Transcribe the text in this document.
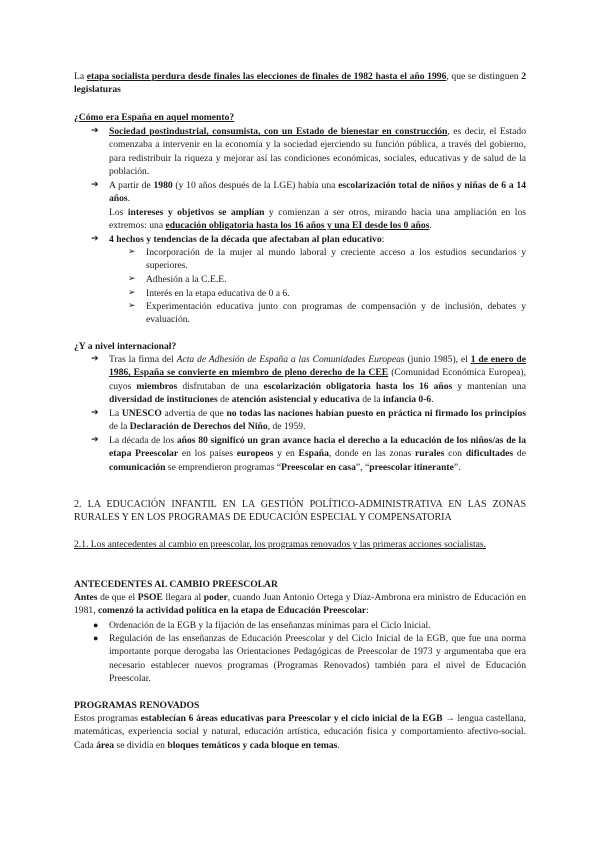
La etapa socialista perdura desde finales las elecciones de finales de 1982 hasta el año 1996, que se distinguen 2 legislaturas

¿Cómo era España en aquel momento?

➔ Sociedad postindustrial, consumista, con un Estado de bienestar en construcción, es decir, el Estado comenzaba a intervenir en la economía y la sociedad ejerciendo su función pública, a través del gobierno, para redistribuir la riqueza y mejorar así las condiciones económicas, sociales, educativas y de salud de la población.

➔ A partir de 1980 (y 10 años después de la LGE) había una escolarización total de niños y niñas de 6 a 14 años.

Los intereses y objetivos se amplían y comienzan a ser otros, mirando hacia una ampliación en los extremos: una educación obligatoria hasta los 16 años y una EI desde los 0 años.

➔ 4 hechos y tendencias de la década que afectaban al plan educativo:

➢ Incorporación de la mujer al mundo laboral y creciente acceso a los estudios secundarios y superiores.

➢ Adhesión a la C.E.E.

➢ Interés en la etapa educativa de 0 a 6.

➢ Experimentación educativa junto con programas de compensación y de inclusión, debates y evaluación.

¿Y a nivel internacional?

➔ Tras la firma del Acta de Adhesión de España a las Comunidades Europeas (junio 1985), el 1 de enero de 1986, España se convierte en miembro de pleno derecho de la CEE (Comunidad Económica Europea), cuyos miembros disfrutaban de una escolarización obligatoria hasta los 16 años y mantenían una diversidad de instituciones de atención asistencial y educativa de la infancia 0-6.

➔ La UNESCO advertía de que no todas las naciones habían puesto en práctica ni firmado los principios de la Declaración de Derechos del Niño, de 1959.

➔ La década de los años 80 significó un gran avance hacia el derecho a la educación de los niños/as de la etapa Preescolar en los países europeos y en España, donde en las zonas rurales con dificultades de comunicación se emprendieron programas “Preescolar en casa”, “preescolar itinerante”.

2. LA EDUCACIÓN INFANTIL EN LA GESTIÓN POLÍTICO-ADMINISTRATIVA EN LAS ZONAS RURALES Y EN LOS PROGRAMAS DE EDUCACIÓN ESPECIAL Y COMPENSATORIA

2.1. Los antecedentes al cambio en preescolar, los programas renovados y las primeras acciones socialistas.

ANTECEDENTES AL CAMBIO PREESCOLAR

Antes de que el PSOE llegara al poder, cuando Juan Antonio Ortega y Díaz-Ambrona era ministro de Educación en 1981, comenzó la actividad política en la etapa de Educación Preescolar:

● Ordenación de la EGB y la fijación de las enseñanzas mínimas para el Ciclo Inicial.

● Regulación de las enseñanzas de Educación Preescolar y del Ciclo Inicial de la EGB, que fue una norma importante porque derogaba las Orientaciones Pedagógicas de Preescolar de 1973 y argumentaba que era necesario establecer nuevos programas (Programas Renovados) también para el nivel de Educación Preescolar.

PROGRAMAS RENOVADOS

Estos programas establecían 6 áreas educativas para Preescolar y el ciclo inicial de la EGB → lengua castellana, matemáticas, experiencia social y natural, educación artística, educación física y comportamiento afectivo-social. Cada área se dividía en bloques temáticos y cada bloque en temas.
